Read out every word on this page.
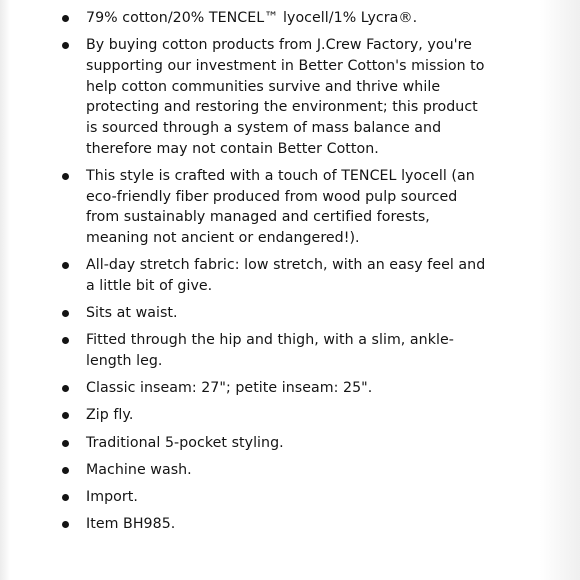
79% cotton/20% TENCEL™ lyocell/1% Lycra®.
By buying cotton products from J.Crew Factory, you're supporting our investment in Better Cotton's mission to help cotton communities survive and thrive while protecting and restoring the environment; this product is sourced through a system of mass balance and therefore may not contain Better Cotton.
This style is crafted with a touch of TENCEL lyocell (an eco-friendly fiber produced from wood pulp sourced from sustainably managed and certified forests, meaning not ancient or endangered!).
All-day stretch fabric: low stretch, with an easy feel and a little bit of give.
Sits at waist.
Fitted through the hip and thigh, with a slim, ankle-length leg.
Classic inseam: 27"; petite inseam: 25".
Zip fly.
Traditional 5-pocket styling.
Machine wash.
Import.
Item BH985.
